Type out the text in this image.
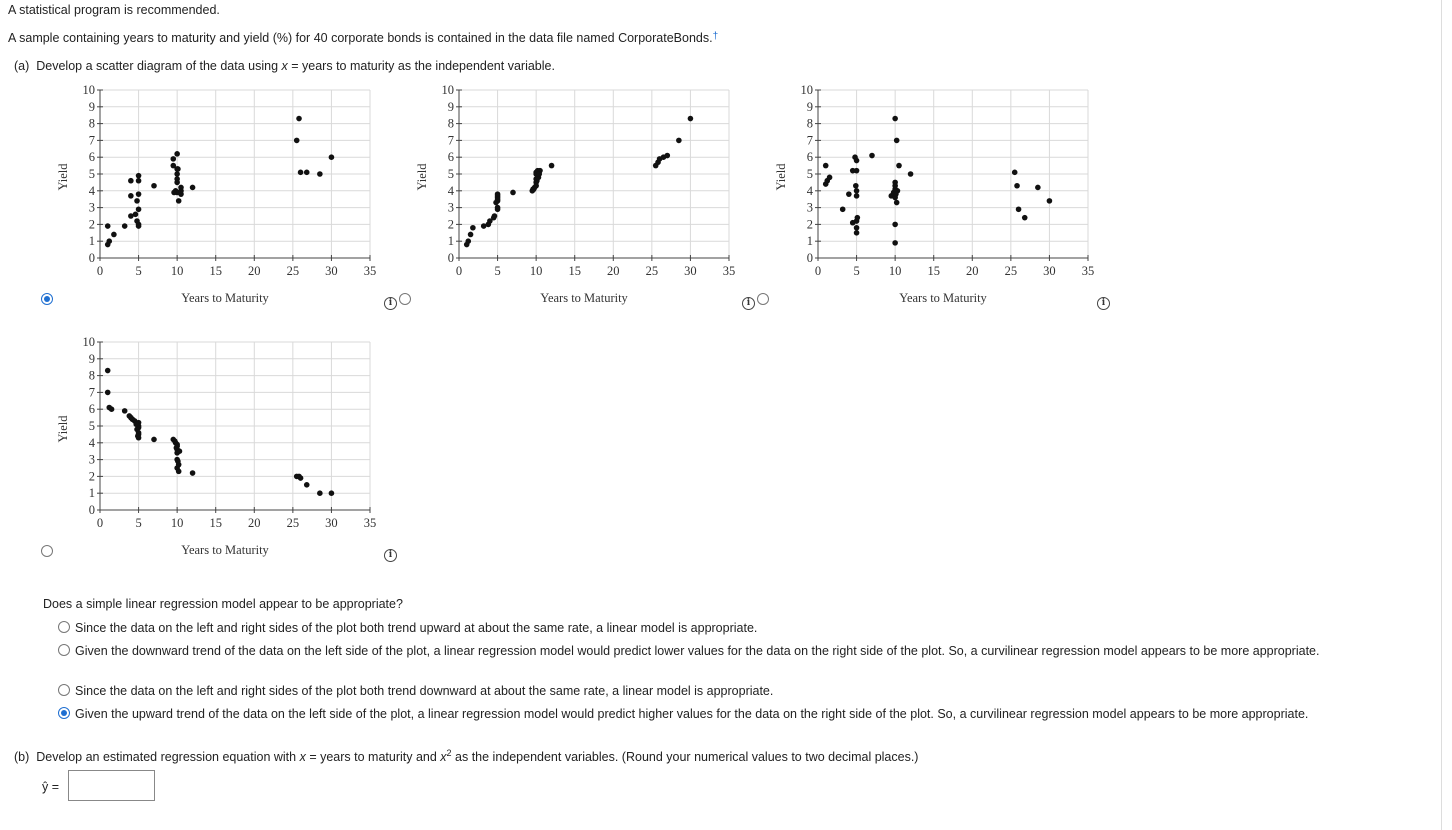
A statistical program is recommended.
A sample containing years to maturity and yield (%) for 40 corporate bonds is contained in the data file named CorporateBonds.†
(a) Develop a scatter diagram of the data using x = years to maturity as the independent variable.
0	5 10 15 20 25 30 35
0
1
2
3
4
5
6
7
8
9
10
Years to Maturity
Yield
0	5 10 15 20 25 30 35
0
1
2
3
4
5
6
7
8
9
10
Years to Maturity
Yield
0	5 10 15 20 25 30 35
0
1
2
3
4
5
6
7
8
9
10
Years to Maturity
Yield
0	5 10 15 20 25 30 35
0
1
2
3
4
5
6
7
8
9
10
Years to Maturity
Yield
i	i	i
i
Does a simple linear regression model appear to be appropriate?
Since the data on the left and right sides of the plot both trend upward at about the same rate, a linear model is appropriate.
Given the downward trend of the data on the left side of the plot, a linear regression model would predict lower values for the data on the right side of the plot. So, a curvilinear regression model appears to be more appropriate.
Since the data on the left and right sides of the plot both trend downward at about the same rate, a linear model is appropriate.
Given the upward trend of the data on the left side of the plot, a linear regression model would predict higher values for the data on the right side of the plot. So, a curvilinear regression model appears to be more appropriate.
(b) Develop an estimated regression equation with x = years to maturity and $x^2$ as the independent variables. (Round your numerical values to two decimal places.)
ŷ =
